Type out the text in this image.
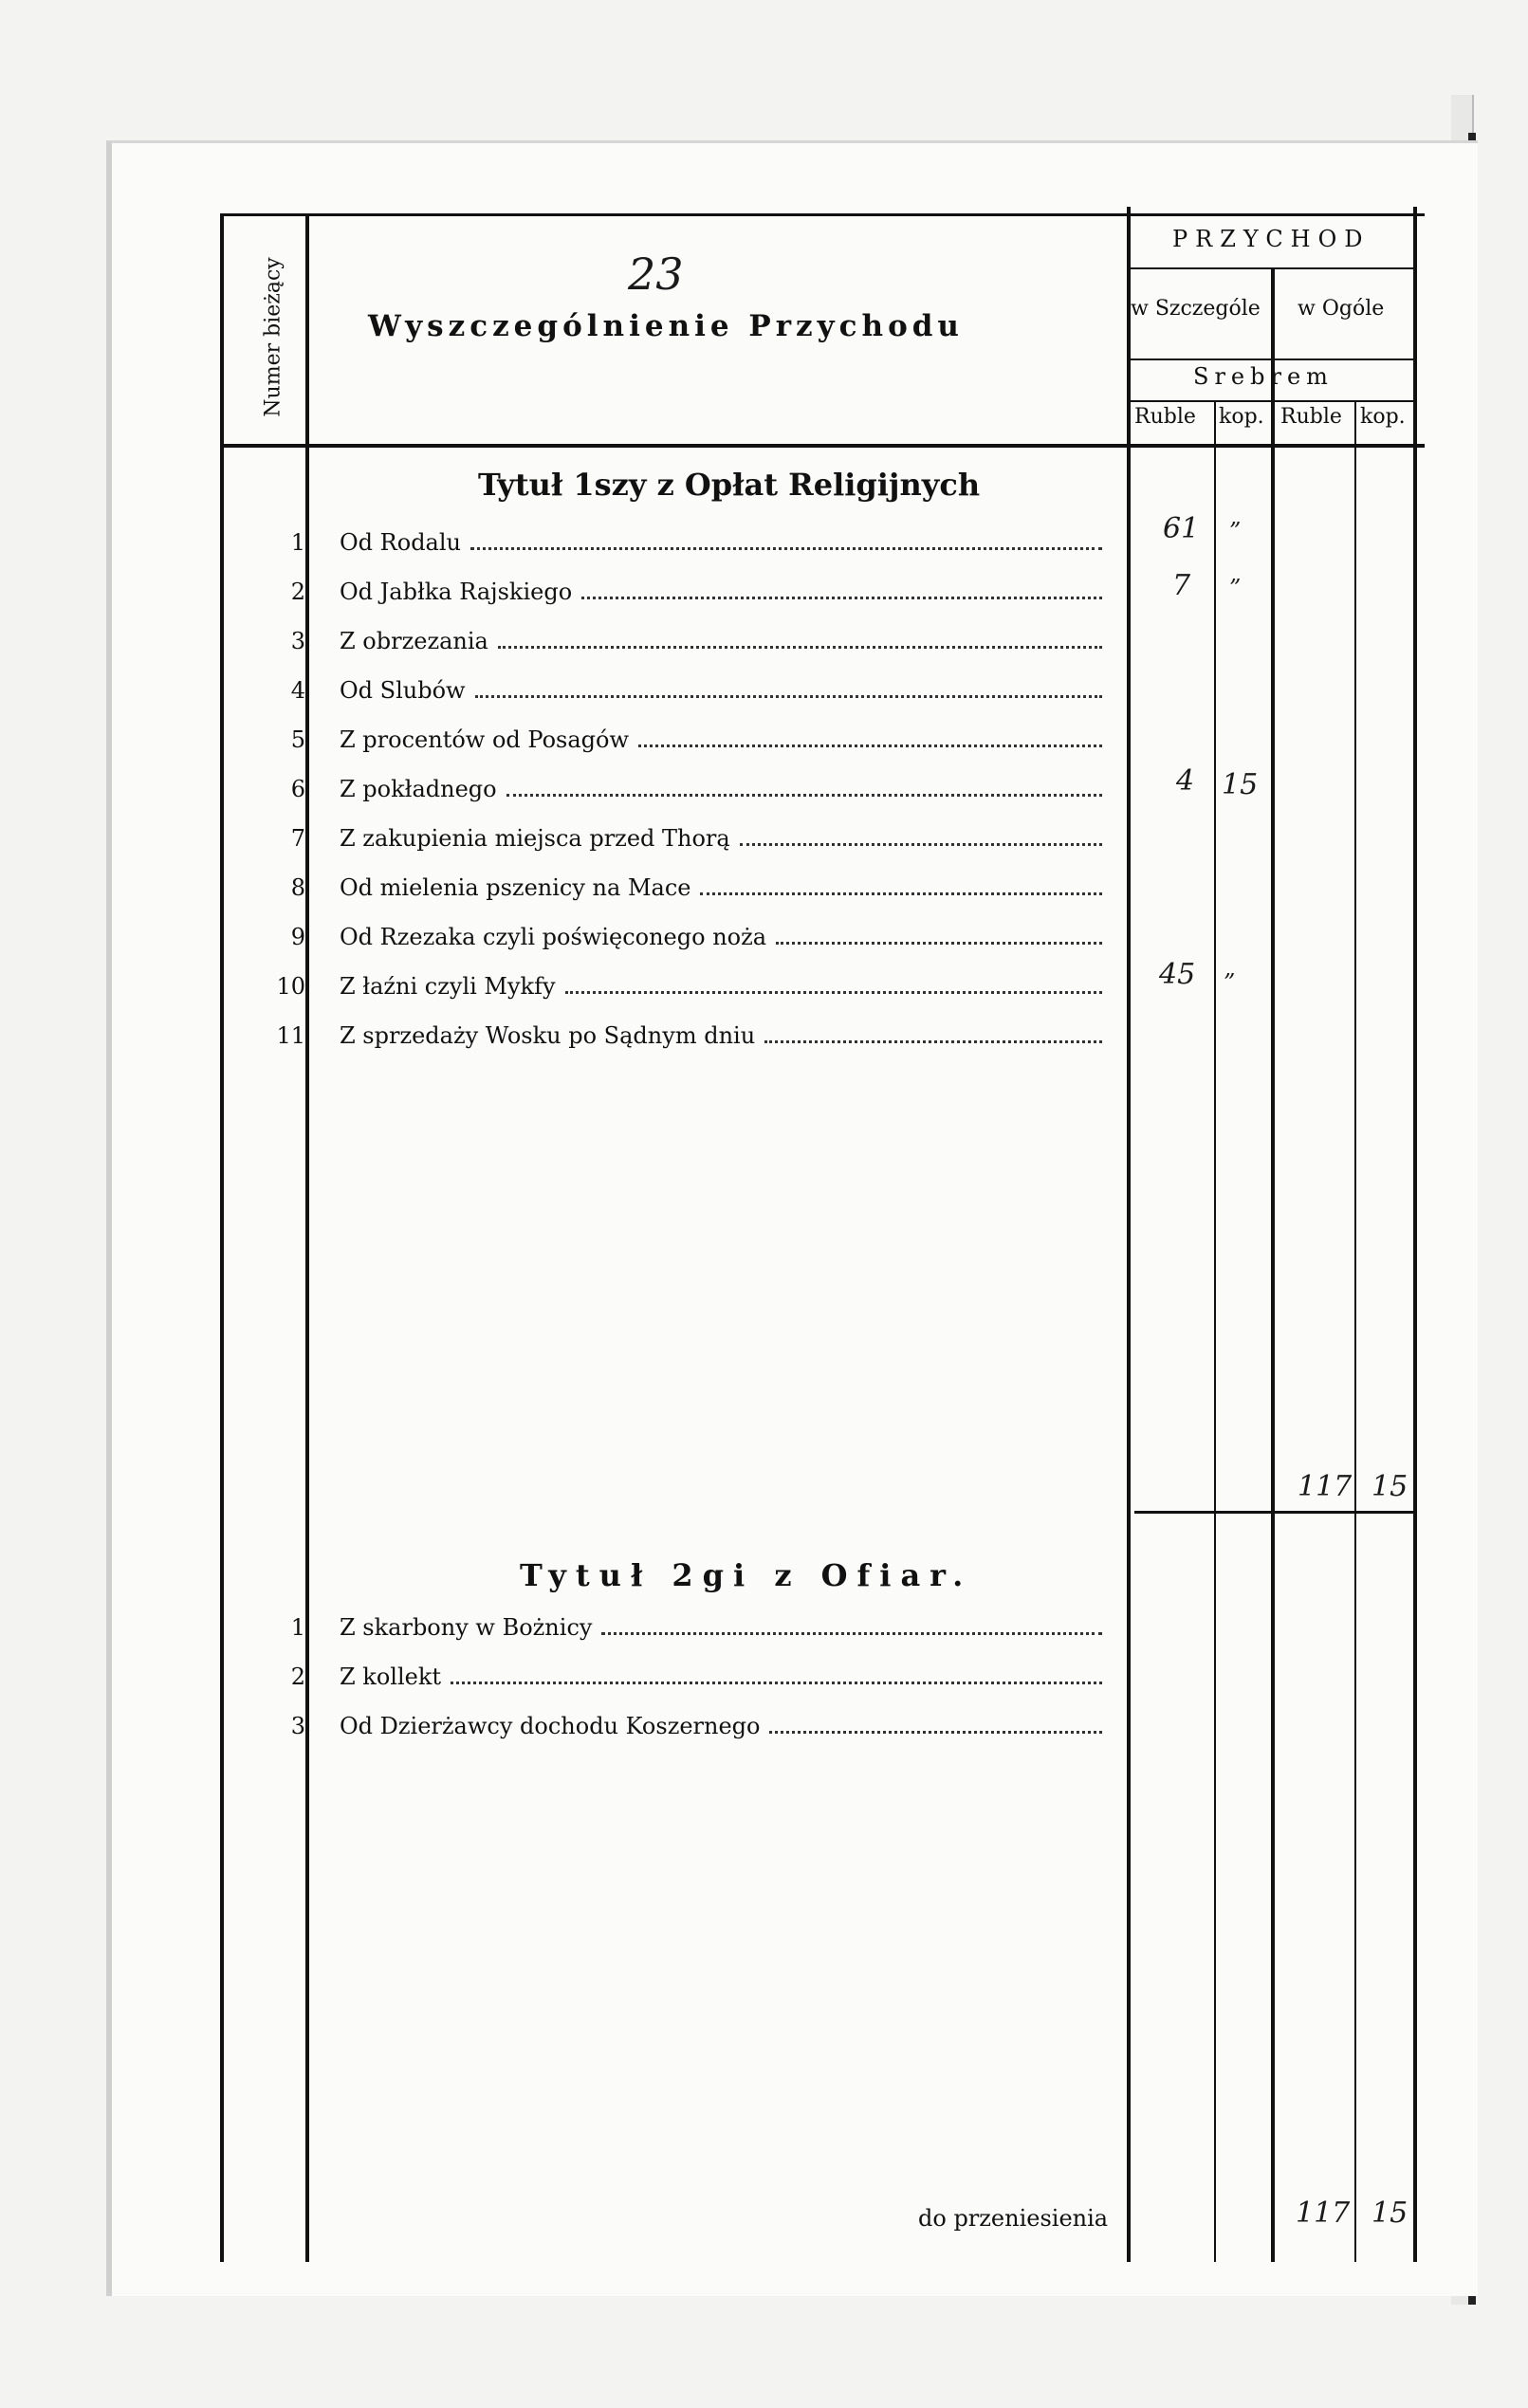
Numer bieżący	Wyszczególnienie Przychodu
23
PRZYCHOD
w Szczególe w Ogóle
Srebrem
Ruble kop. Ruble kop.
Tytuł 1szy z Opłat Religijnych
1 Od Rodalu
2 Od Jabłka Rajskiego
3 Z obrzezania
4 Od Slubów
5 Z procentów od Posagów
6 Z pokładnego
7 Z zakupienia miejsca przed Thorą
8 Od mielenia pszenicy na Mace
9 Od Rzezaka czyli poświęconego noża
10 Z łaźni czyli Mykfy
11 Z sprzedaży Wosku po Sądnym dniu
61 ”
7 ”
4 15
45 ”
117 15
Tytuł 2gi z Ofiar.
1 Z skarbony w Bożnicy
2 Z kollekt
3 Od Dzierżawcy dochodu Koszernego
do przeniesienia	117 15
